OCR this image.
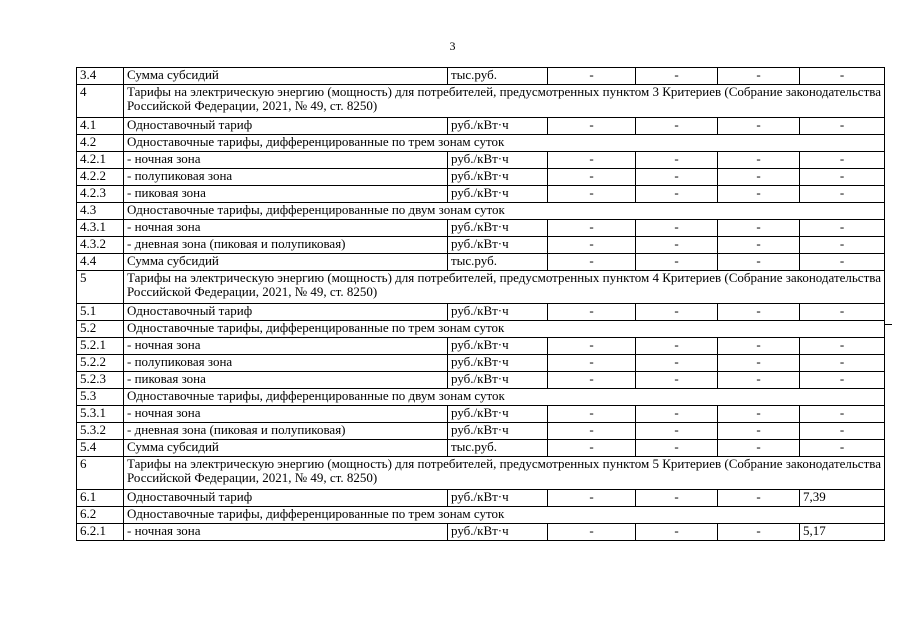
3
3.4	Сумма субсидий	тыс.руб.	-	-	-	-
4	Тарифы на электрическую энергию (мощность) для потребителей, предусмотренных пунктом 3 Критериев (Собрание законодательства Российской Федерации, 2021, № 49, ст. 8250)					
4.1	Одноставочный тариф	руб./кВт·ч	-	-	-	-
4.2	Одноставочные тарифы, дифференцированные по трем зонам суток					
4.2.1	- ночная зона	руб./кВт·ч	-	-	-	-
4.2.2	- полупиковая зона	руб./кВт·ч	-	-	-	-
4.2.3	- пиковая зона	руб./кВт·ч	-	-	-	-
4.3	Одноставочные тарифы, дифференцированные по двум зонам суток					
4.3.1	- ночная зона	руб./кВт·ч	-	-	-	-
4.3.2	- дневная зона (пиковая и полупиковая)	руб./кВт·ч	-	-	-	-
4.4	Сумма субсидий	тыс.руб.	-	-	-	-
5	Тарифы на электрическую энергию (мощность) для потребителей, предусмотренных пунктом 4 Критериев (Собрание законодательства Российской Федерации, 2021, № 49, ст. 8250)					
5.1	Одноставочный тариф	руб./кВт·ч	-	-	-	-
5.2	Одноставочные тарифы, дифференцированные по трем зонам суток					
5.2.1	- ночная зона	руб./кВт·ч	-	-	-	-
5.2.2	- полупиковая зона	руб./кВт·ч	-	-	-	-
5.2.3	- пиковая зона	руб./кВт·ч	-	-	-	-
5.3	Одноставочные тарифы, дифференцированные по двум зонам суток					
5.3.1	- ночная зона	руб./кВт·ч	-	-	-	-
5.3.2	- дневная зона (пиковая и полупиковая)	руб./кВт·ч	-	-	-	-
5.4	Сумма субсидий	тыс.руб.	-	-	-	-
6	Тарифы на электрическую энергию (мощность) для потребителей, предусмотренных пунктом 5 Критериев (Собрание законодательства Российской Федерации, 2021, № 49, ст. 8250)					
6.1	Одноставочный тариф	руб./кВт·ч	-	-	-	7,39
6.2	Одноставочные тарифы, дифференцированные по трем зонам суток					
6.2.1	- ночная зона	руб./кВт·ч	-	-	-	5,17
